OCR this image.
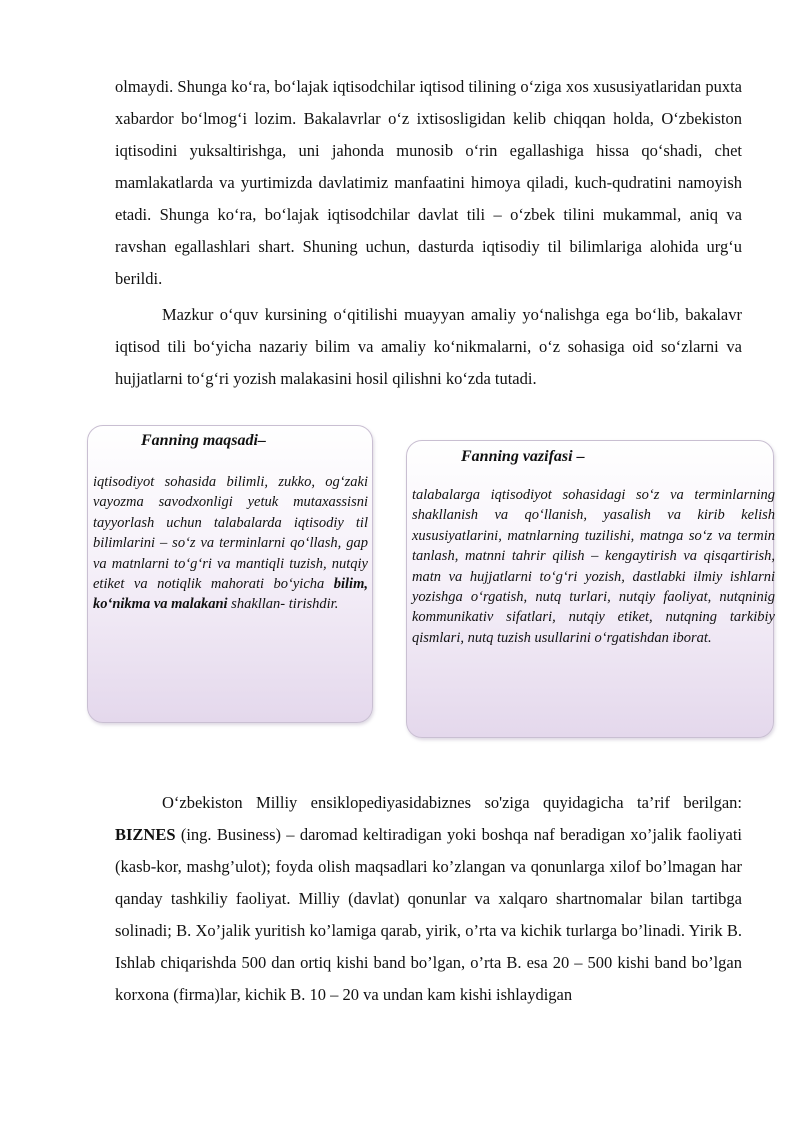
olmaydi. Shunga ko‘ra, bo‘lajak iqtisodchilar iqtisod tilining o‘ziga xos xususiyatlaridan puxta xabardor bo‘lmog‘i lozim. Bakalavrlar o‘z ixtisosligidan kelib chiqqan holda, O‘zbekiston iqtisodini yuksaltirishga, uni jahonda munosib o‘rin egallashiga hissa qo‘shadi, chet mamlakatlarda va yurtimizda davlatimiz manfaatini himoya qiladi, kuch-qudratini namoyish etadi. Shunga ko‘ra, bo‘lajak iqtisodchilar davlat tili – o‘zbek tilini mukammal, aniq va ravshan egallashlari shart. Shuning uchun, dasturda iqtisodiy til bilimlariga alohida urg‘u berildi.

Mazkur o‘quv kursining o‘qitilishi muayyan amaliy yo‘nalishga ega bo‘lib, bakalavr iqtisod tili bo‘yicha nazariy bilim va amaliy ko‘nikmalarni, o‘z sohasiga oid so‘zlarni va hujjatlarni to‘g‘ri yozish malakasini hosil qilishni ko‘zda tutadi.

Fanning maqsadi–

iqtisodiyot sohasida bilimli, zukko, og‘zaki vayozma savodxonligi yetuk mutaxassisni tayyorlash uchun talabalarda iqtisodiy til bilimlarini – so‘z va terminlarni qo‘llash, gap va matnlarni to‘g‘ri va mantiqli tuzish, nutqiy etiket va notiqlik mahorati bo‘yicha bilim, ko‘nikma va malakani shakllan- tirishdir.

Fanning vazifasi –

talabalarga iqtisodiyot sohasidagi so‘z va terminlarning shakllanish va qo‘llanish, yasalish va kirib kelish xususiyatlarini, matnlarning tuzilishi, matnga so‘z va termin tanlash, matnni tahrir qilish – kengaytirish va qisqartirish, matn va hujjatlarni to‘g‘ri yozish, dastlabki ilmiy ishlarni yozishga o‘rgatish, nutq turlari, nutqiy faoliyat, nutqninig kommunikativ sifatlari, nutqiy etiket, nutqning tarkibiy qismlari, nutq tuzish usullarini o‘rgatishdan iborat.

O‘zbekiston Milliy ensiklopediyasidabiznes so'ziga quyidagicha ta’rif berilgan: BIZNES (ing. Business) – daromad keltiradigan yoki boshqa naf beradigan xo’jalik faoliyati (kasb-kor, mashg’ulot); foyda olish maqsadlari ko’zlangan va qonunlarga xilof bo’lmagan har qanday tashkiliy faoliyat. Milliy (davlat) qonunlar va xalqaro shartnomalar bilan tartibga solinadi; B. Xo’jalik yuritish ko’lamiga qarab, yirik, o’rta va kichik turlarga bo’linadi. Yirik B. Ishlab chiqarishda 500 dan ortiq kishi band bo’lgan, o’rta B. esa 20 – 500 kishi band bo’lgan korxona (firma)lar, kichik B. 10 – 20 va undan kam kishi ishlaydigan
